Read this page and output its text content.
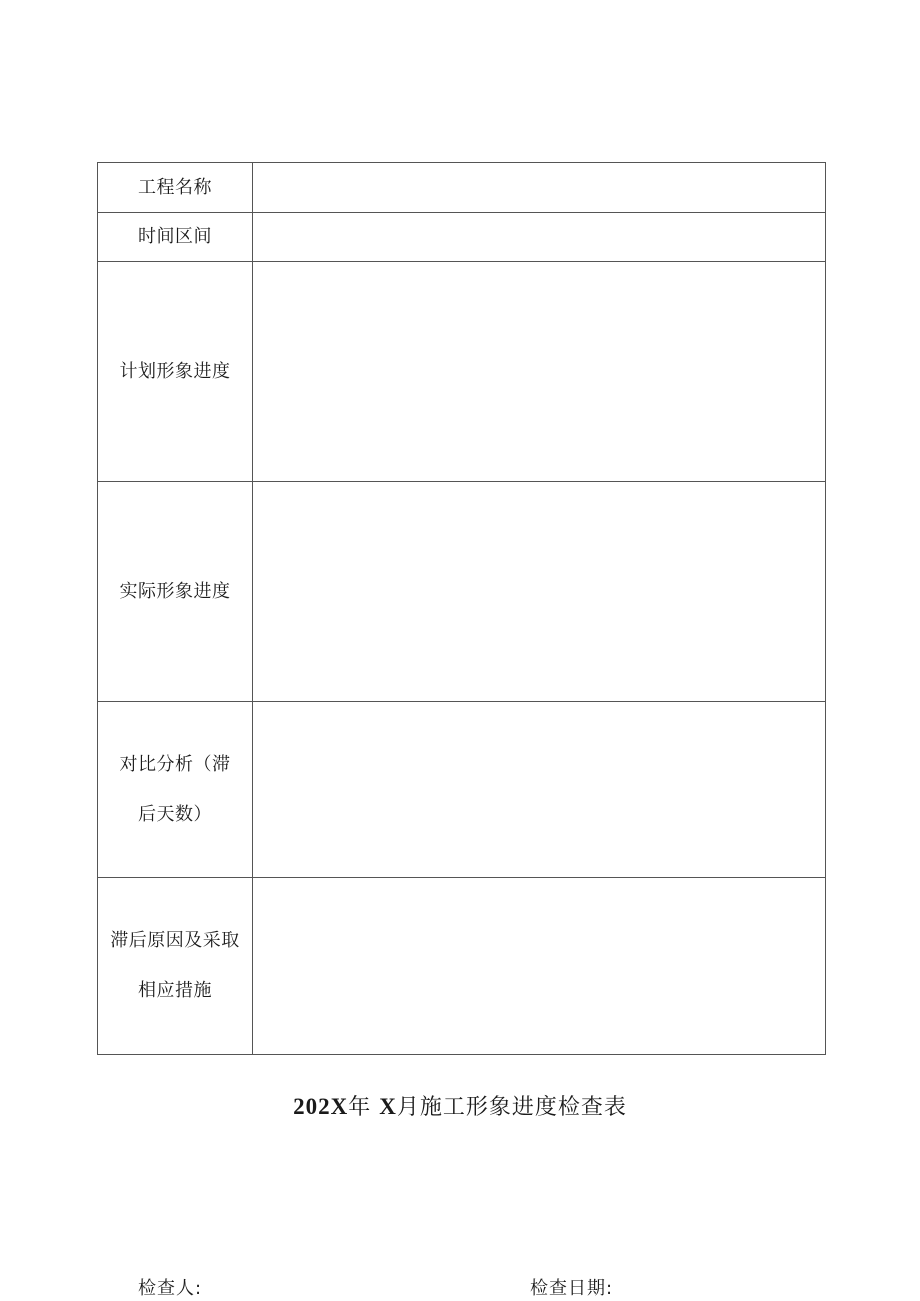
工程名称	

时间区间	

计划形象进度	

实际形象进度	

对比分析（滞
后天数）	

滞后原因及采取
相应措施	

202X年 X月施工形象进度检查表
检查人:	检查日期:
